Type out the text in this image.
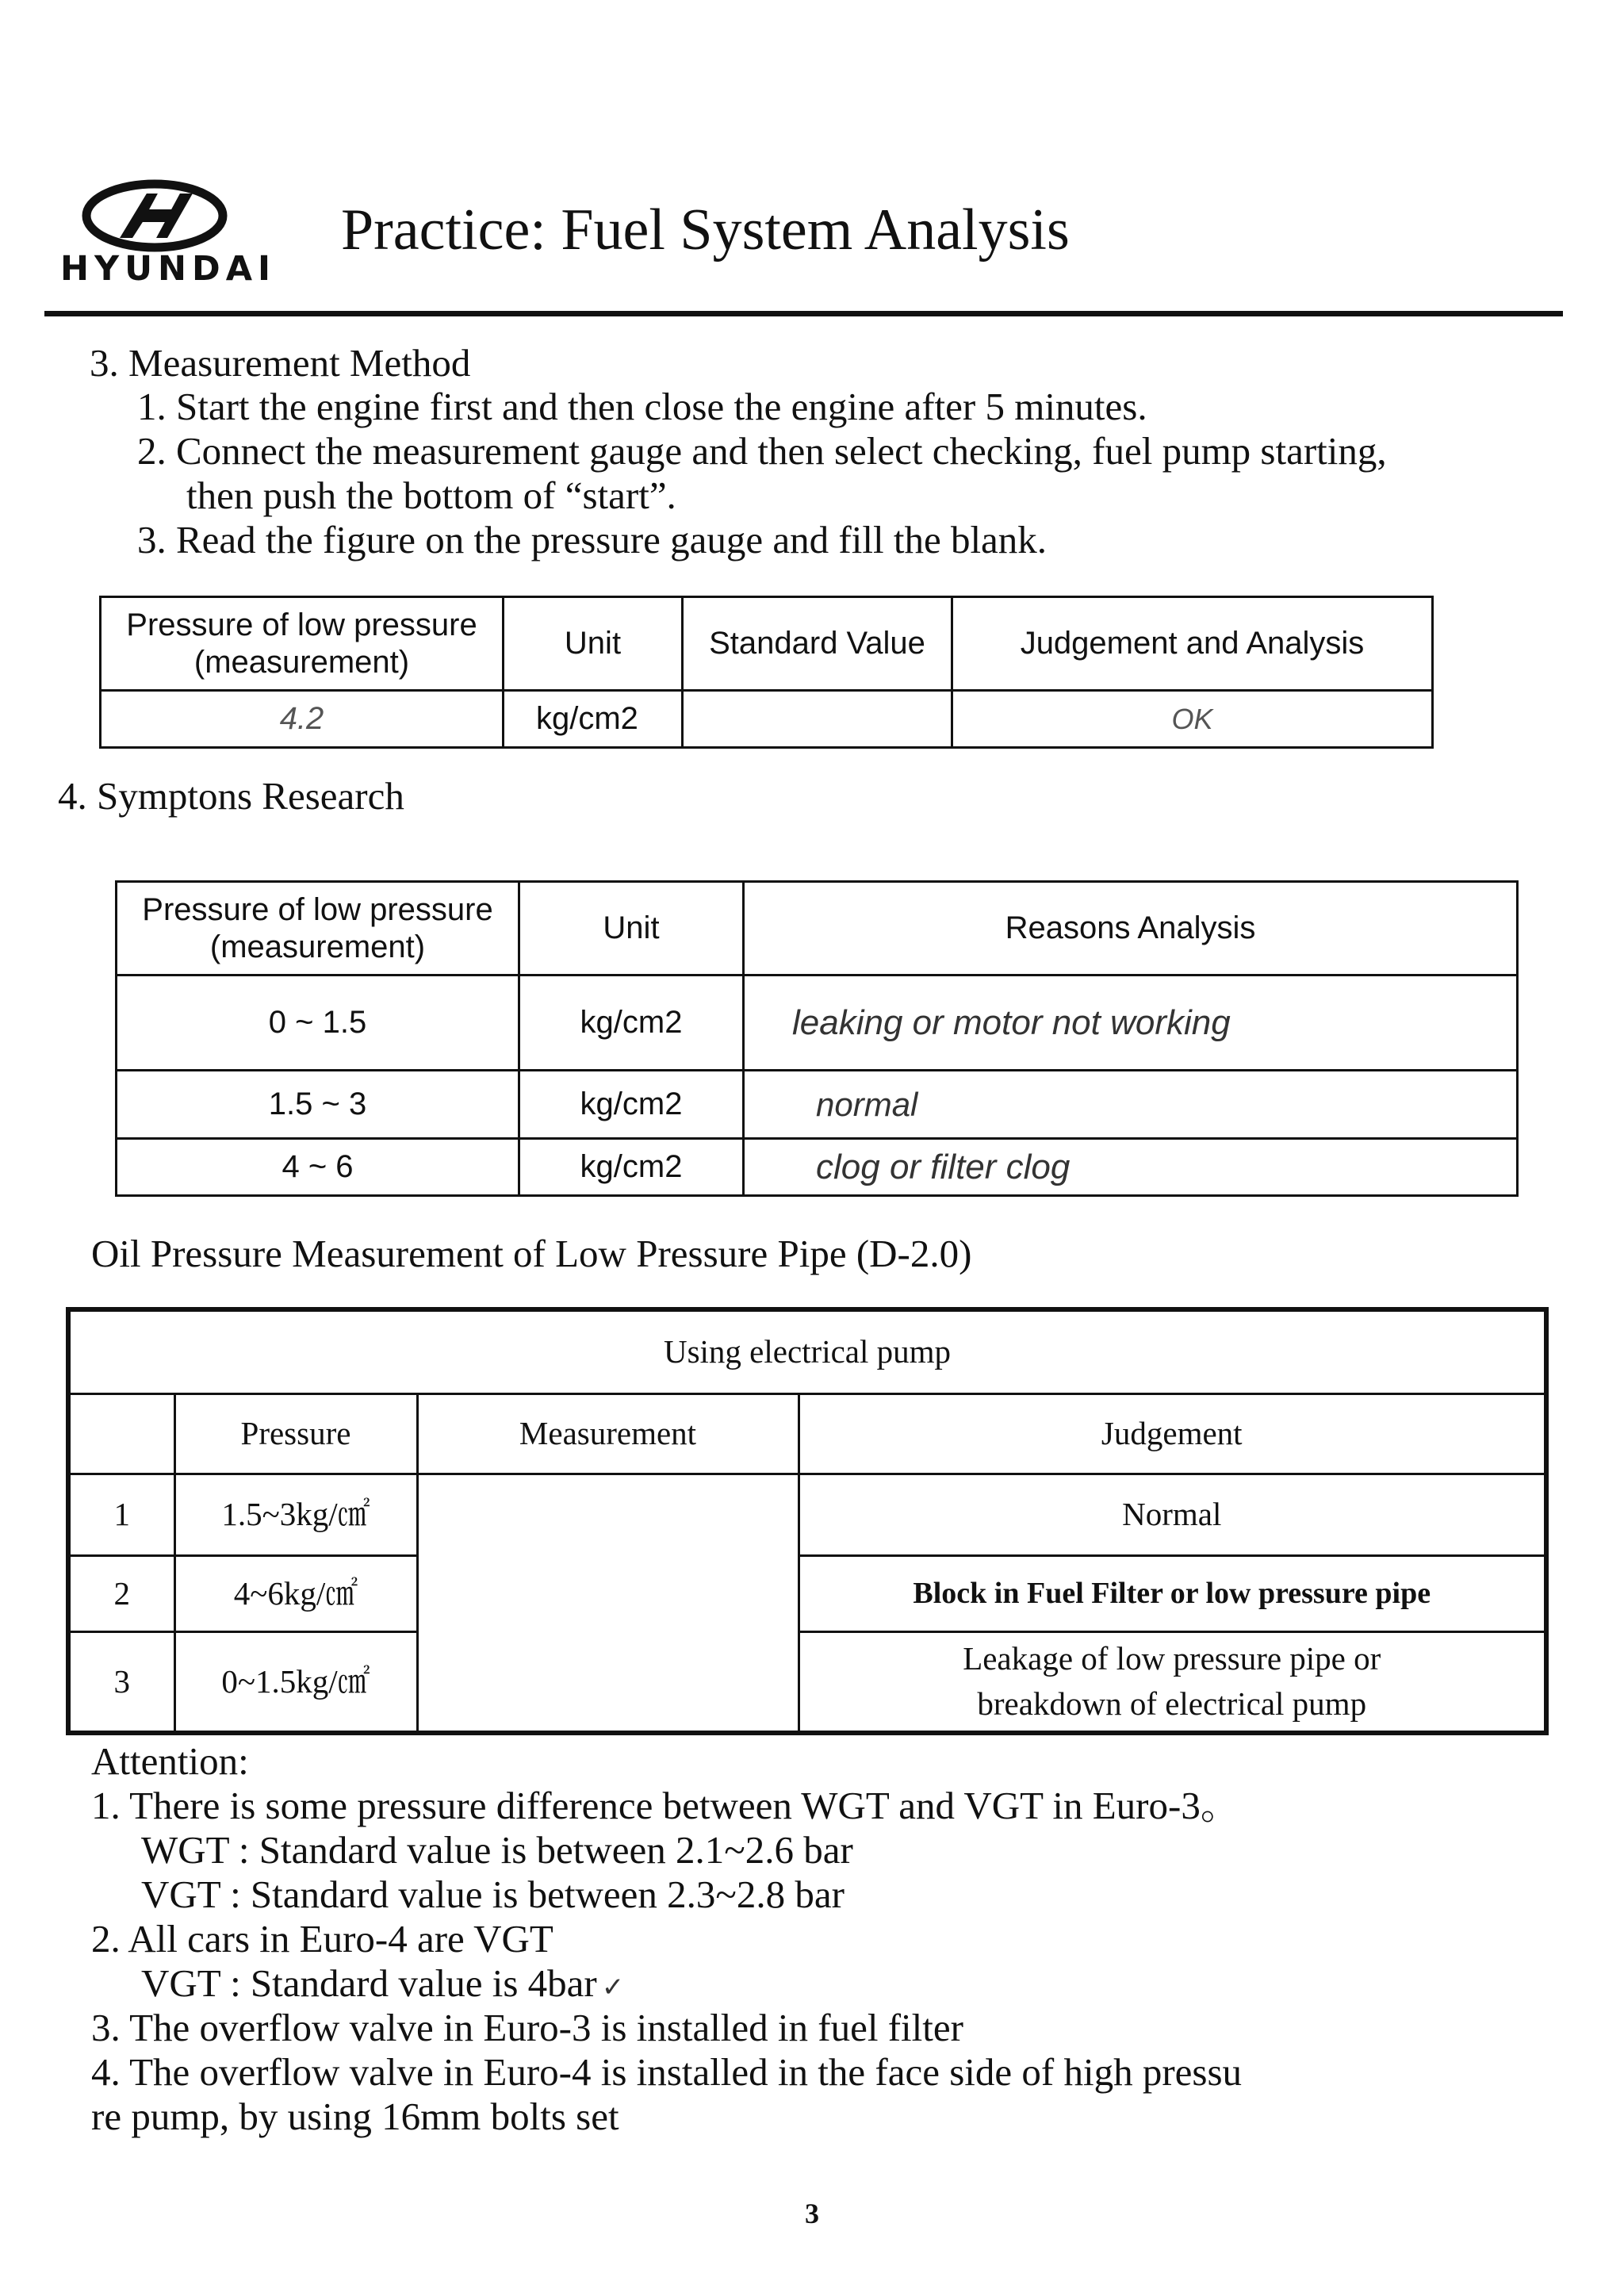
HYUNDAI
Practice: Fuel System Analysis
3. Measurement Method
1. Start the engine first and then close the engine after 5 minutes.
2. Connect the measurement gauge and then select checking, fuel pump starting,
then push the bottom of “start”.
3. Read the figure on the pressure gauge and fill the blank.
Pressure of low pressure
(measurement)	Unit	Standard Value	Judgement and Analysis
4.2	kg/cm2		OK
4. Symptons Research
Pressure of low pressure
(measurement)	Unit	Reasons Analysis
0 ~ 1.5	kg/cm2	leaking or motor not working
1.5 ~ 3	kg/cm2	normal
4 ~ 6	kg/cm2	clog or filter clog
Oil Pressure Measurement of Low Pressure Pipe (D-2.0)
Using electrical pump			
	Pressure	Measurement	Judgement
1	1.5~3kg/㎠		Normal
2	4~6kg/㎠		Block in Fuel Filter or low pressure pipe
3	0~1.5kg/㎠		Leakage of low pressure pipe or
breakdown of electrical pump
Attention:
1. There is some pressure difference between WGT and VGT in Euro-3。
WGT : Standard value is between 2.1~2.6 bar
VGT : Standard value is between 2.3~2.8 bar
2. All cars in Euro-4 are VGT
VGT : Standard value is 4bar ✓
3. The overflow valve in Euro-3 is installed in fuel filter
4. The overflow valve in Euro-4 is installed in the face side of high pressu
re pump, by using 16mm bolts set
3
